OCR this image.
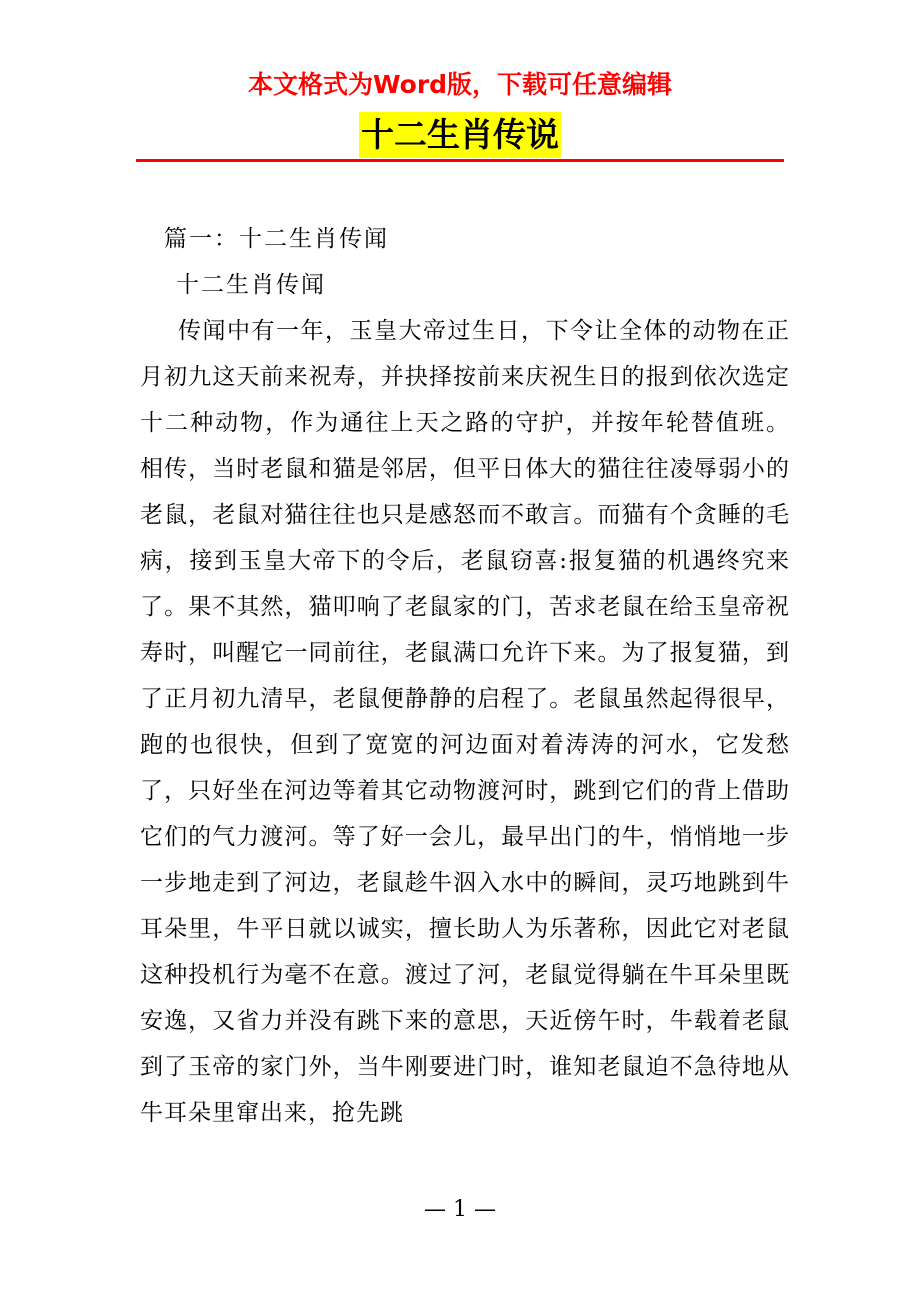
本文格式为Word版，下载可任意编辑
十二生肖传说
篇一：十二生肖传闻
十二生肖传闻
传闻中有一年，玉皇大帝过生日，下令让全体的动物在正月初九这天前来祝寿，并抉择按前来庆祝生日的报到依次选定十二种动物，作为通往上天之路的守护，并按年轮替值班。 相传，当时老鼠和猫是邻居，但平日体大的猫往往凌辱弱小的老鼠，老鼠对猫往往也只是感怒而不敢言。而猫有个贪睡的毛病，接到玉皇大帝下的令后，老鼠窃喜:报复猫的机遇终究来了。果不其然，猫叩响了老鼠家的门，苦求老鼠在给玉皇帝祝寿时，叫醒它一同前往，老鼠满口允许下来。为了报复猫，到了正月初九清早，老鼠便静静的启程了。老鼠虽然起得很早，跑的也很快，但到了宽宽的河边面对着涛涛的河水，它发愁了，只好坐在河边等着其它动物渡河时，跳到它们的背上借助它们的气力渡河。等了好一会儿，最早出门的牛，悄悄地一步一步地走到了河边，老鼠趁牛泅入水中的瞬间，灵巧地跳到牛耳朵里，牛平日就以诚实，擅长助人为乐著称，因此它对老鼠这种投机行为毫不在意。渡过了河，老鼠觉得躺在牛耳朵里既安逸，又省力并没有跳下来的意思，天近傍午时，牛载着老鼠到了玉帝的家门外，当牛刚要进门时，谁知老鼠迫不急待地从牛耳朵里窜出来，抢先跳
— 1 —
